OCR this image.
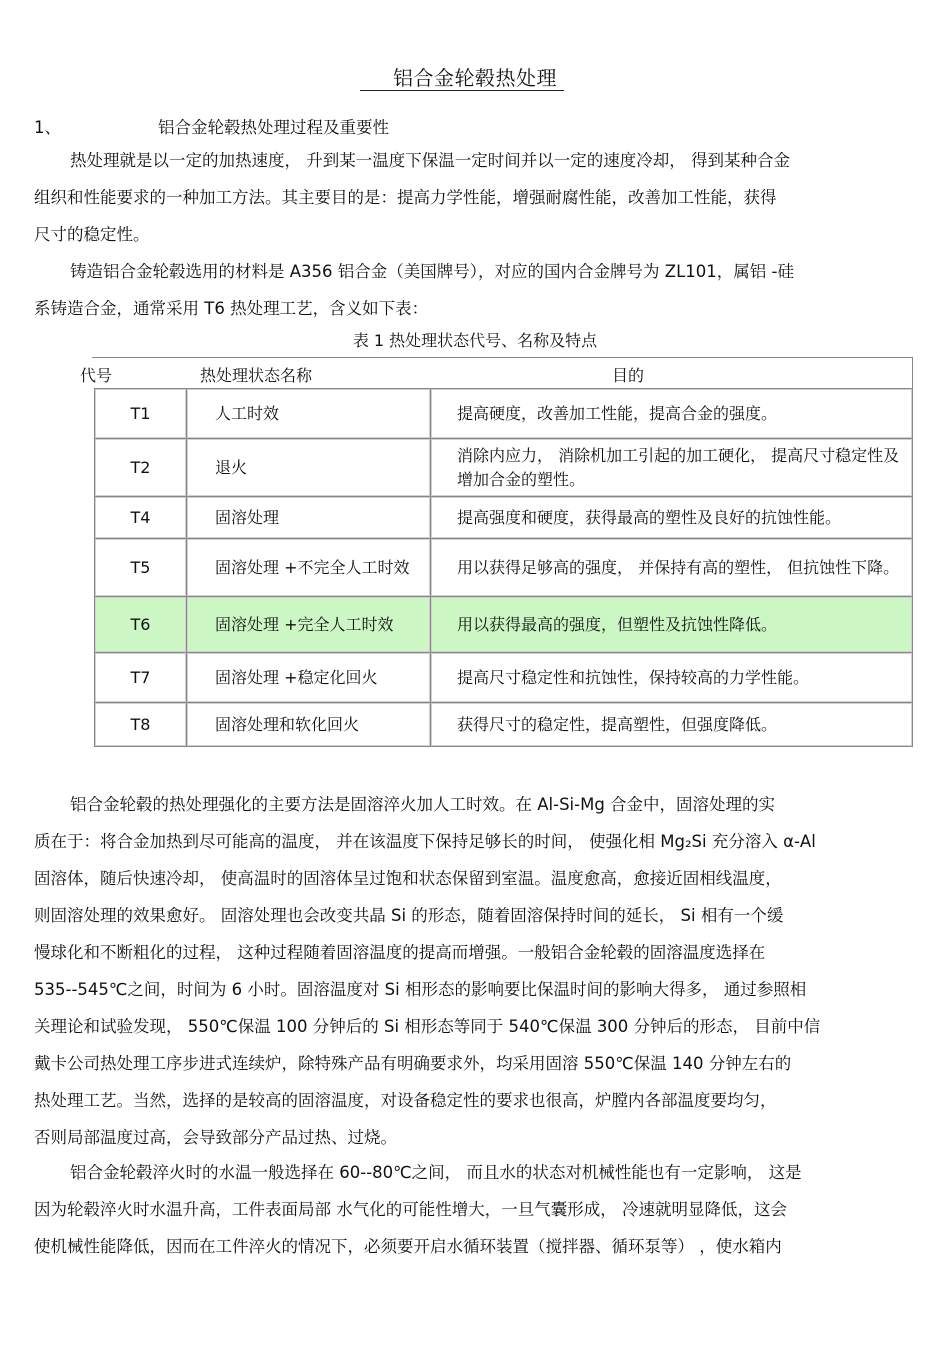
铝合金轮毂热处理
1、	铝合金轮毂热处理过程及重要性
热处理就是以一定的加热速度， 升到某一温度下保温一定时间并以一定的速度冷却， 得到某种合金
组织和性能要求的一种加工方法。其主要目的是：提高力学性能，增强耐腐性能，改善加工性能，获得
尺寸的稳定性。
铸造铝合金轮毂选用的材料是 A356 铝合金（美国牌号），对应的国内合金牌号为 ZL101，属铝 -硅
系铸造合金，通常采用 T6 热处理工艺，含义如下表：
表 1 热处理状态代号、名称及特点
代号	热处理状态名称	目的
T1	人工时效	提高硬度，改善加工性能，提高合金的强度。
T2	退火	消除内应力， 消除机加工引起的加工硬化， 提高尺寸稳定性及增加合金的塑性。
T4	固溶处理	提高强度和硬度，获得最高的塑性及良好的抗蚀性能。
T5	固溶处理 +不完全人工时效	用以获得足够高的强度， 并保持有高的塑性， 但抗蚀性下降。
T6	固溶处理 +完全人工时效	用以获得最高的强度，但塑性及抗蚀性降低。
T7	固溶处理 +稳定化回火	提高尺寸稳定性和抗蚀性，保持较高的力学性能。
T8	固溶处理和软化回火	获得尺寸的稳定性，提高塑性，但强度降低。
铝合金轮毂的热处理强化的主要方法是固溶淬火加人工时效。在 Al-Si-Mg 合金中，固溶处理的实
质在于：将合金加热到尽可能高的温度， 并在该温度下保持足够长的时间， 使强化相 Mg₂Si 充分溶入 α-Al
固溶体，随后快速冷却， 使高温时的固溶体呈过饱和状态保留到室温。温度愈高，愈接近固相线温度，
则固溶处理的效果愈好。 固溶处理也会改变共晶 Si 的形态，随着固溶保持时间的延长， Si 相有一个缓
慢球化和不断粗化的过程， 这种过程随着固溶温度的提高而增强。一般铝合金轮毂的固溶温度选择在
535--545℃之间，时间为 6 小时。固溶温度对 Si 相形态的影响要比保温时间的影响大得多， 通过参照相
关理论和试验发现， 550℃保温 100 分钟后的 Si 相形态等同于 540℃保温 300 分钟后的形态， 目前中信
戴卡公司热处理工序步进式连续炉，除特殊产品有明确要求外，均采用固溶 550℃保温 140 分钟左右的
热处理工艺。当然，选择的是较高的固溶温度，对设备稳定性的要求也很高，炉膛内各部温度要均匀，
否则局部温度过高，会导致部分产品过热、过烧。
铝合金轮毂淬火时的水温一般选择在 60--80℃之间， 而且水的状态对机械性能也有一定影响， 这是
因为轮毂淬火时水温升高，工件表面局部 水气化的可能性增大，一旦气囊形成， 冷速就明显降低，这会
使机械性能降低，因而在工件淬火的情况下，必须要开启水循环装置（搅拌器、循环泵等） ，使水箱内
